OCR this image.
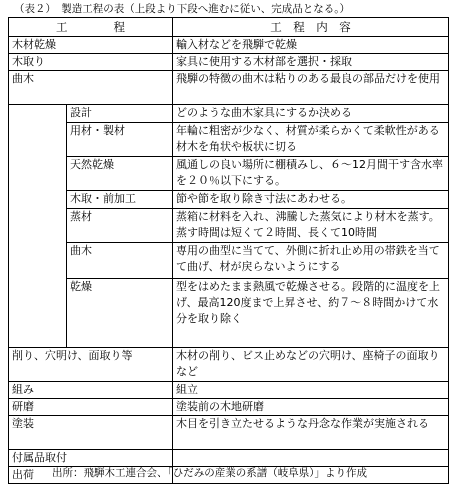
（表２）　製造工程の表（上段より下段へ進むに従い、完成品となる。）
工　　　　程		工　程　内　容
木材乾燥		輸入材などを飛騨で乾燥
木取り		家具に使用する木材部を選択・採取
曲木		飛騨の特徴の曲木は粘りのある最良の部品だけを使用
	設計	どのような曲木家具にするか決める
	用材・製材	年輪に粗密が少なく、材質が柔らかくて柔軟性がある材木を角状や板状に切る
	天然乾燥	風通しの良い場所に棚積みし、６～12月間干す含水率を２０％以下にする。
	木取・前加工	節や節を取り除き寸法にあわせる。
	蒸材	蒸箱に材料を入れ、沸騰した蒸気により材木を蒸す。蒸す時間は短くて２時間、長くて10時間
	曲木	専用の曲型に当てて、外側に折れ止め用の帯鉄を当てて曲げ、材が戻らないようにする
	乾燥	型をはめたまま熱風で乾燥させる。段階的に温度を上げ、最高120度まで上昇させ、約７～８時間かけて水分を取り除く
削り、穴明け、面取り等		木材の削り、ビス止めなどの穴明け、座椅子の面取りなど
組み		組立
研磨		塗装前の木地研磨
塗装		木目を引き立たせるような丹念な作業が実施される
付属品取付		
出荷		出所：飛騨木工連合会、「ひだみの産業の系譜（岐阜県）」より作成
